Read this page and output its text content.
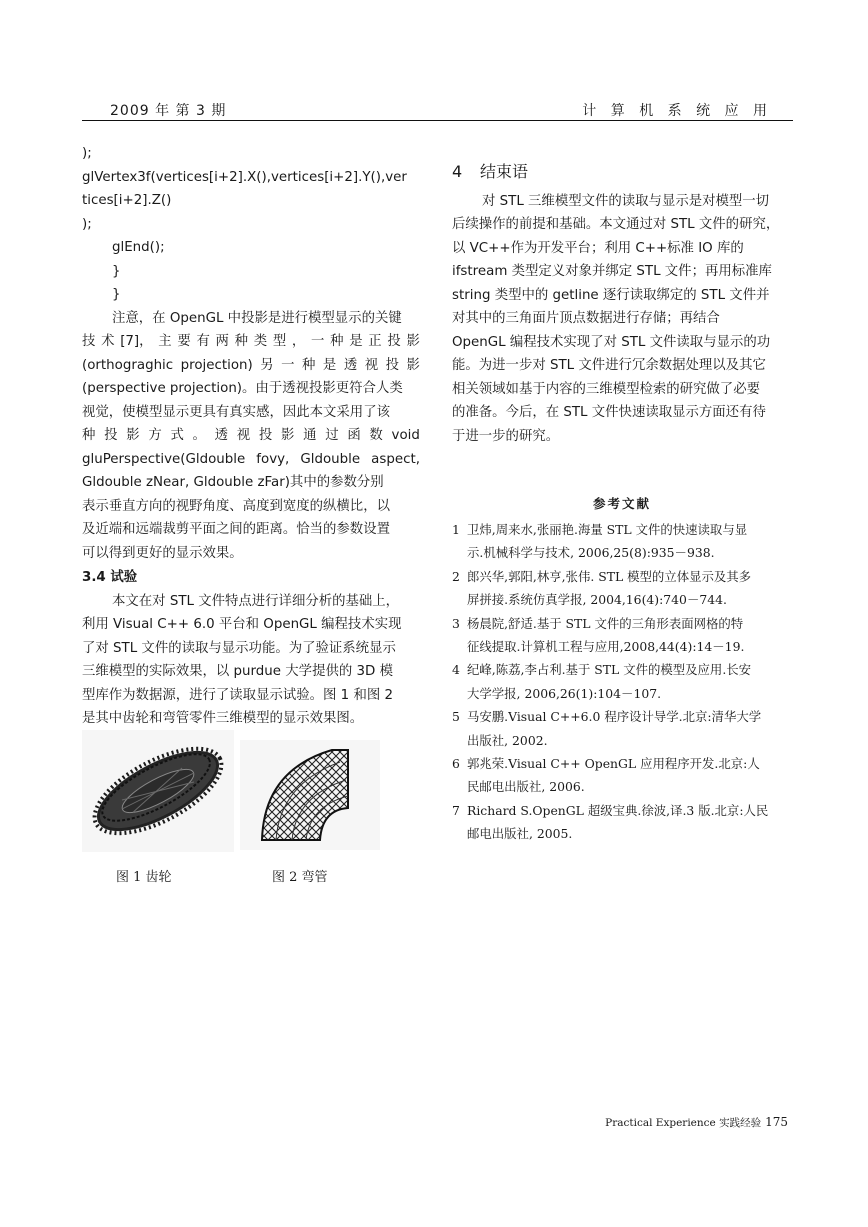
2009 年 第 3 期	计 算 机 系 统 应 用

);

glVertex3f(vertices[i+2].X(),vertices[i+2].Y(),ver

tices[i+2].Z()

);

glEnd();

}

}

注意，在 OpenGL 中投影是进行模型显示的关键

技 术 [7]， 主 要 有 两 种 类 型 ， 一 种 是 正 投 影
(orthograghic projection) 另 一 种 是 透 视 投 影

(perspective projection)。由于透视投影更符合人类

视觉，使模型显示更具有真实感，因此本文采用了该

种 投 影 方 式 。 透 视 投 影 通 过 函 数 void
gluPerspective(Gldouble fovy, Gldouble aspect,

Gldouble zNear, Gldouble zFar)其中的参数分别

表示垂直方向的视野角度、高度到宽度的纵横比，以

及近端和远端裁剪平面之间的距离。恰当的参数设置

可以得到更好的显示效果。

3.4 试验

本文在对 STL 文件特点进行详细分析的基础上，

利用 Visual C++ 6.0 平台和 OpenGL 编程技术实现

了对 STL 文件的读取与显示功能。为了验证系统显示

三维模型的实际效果，以 purdue 大学提供的 3D 模

型库作为数据源，进行了读取显示试验。图 1 和图 2

是其中齿轮和弯管零件三维模型的显示效果图。

图 1 齿轮	图 2 弯管

4 结束语

对 STL 三维模型文件的读取与显示是对模型一切

后续操作的前提和基础。本文通过对 STL 文件的研究，

以 VC++作为开发平台；利用 C++标准 IO 库的

ifstream 类型定义对象并绑定 STL 文件；再用标准库

string 类型中的 getline 逐行读取绑定的 STL 文件并

对其中的三角面片顶点数据进行存储；再结合

OpenGL 编程技术实现了对 STL 文件读取与显示的功

能。为进一步对 STL 文件进行冗余数据处理以及其它

相关领域如基于内容的三维模型检索的研究做了必要

的准备。今后，在 STL 文件快速读取显示方面还有待

于进一步的研究。

参考文献
1 卫炜,周来水,张丽艳.海量 STL 文件的快速读取与显
示.机械科学与技术, 2006,25(8):935－938.
2 郎兴华,郭阳,林亨,张伟. STL 模型的立体显示及其多
屏拼接.系统仿真学报, 2004,16(4):740－744.
3 杨晨院,舒适.基于 STL 文件的三角形表面网格的特
征线提取.计算机工程与应用,2008,44(4):14－19.
4 纪峰,陈荔,李占利.基于 STL 文件的模型及应用.长安
大学学报, 2006,26(1):104－107.
5 马安鹏.Visual C++6.0 程序设计导学.北京:清华大学
出版社, 2002.
6 郭兆荣.Visual C++ OpenGL 应用程序开发.北京:人
民邮电出版社, 2006.
7 Richard S.OpenGL 超级宝典.徐波,译.3 版.北京:人民
邮电出版社, 2005.
Practical Experience 实践经验 175
